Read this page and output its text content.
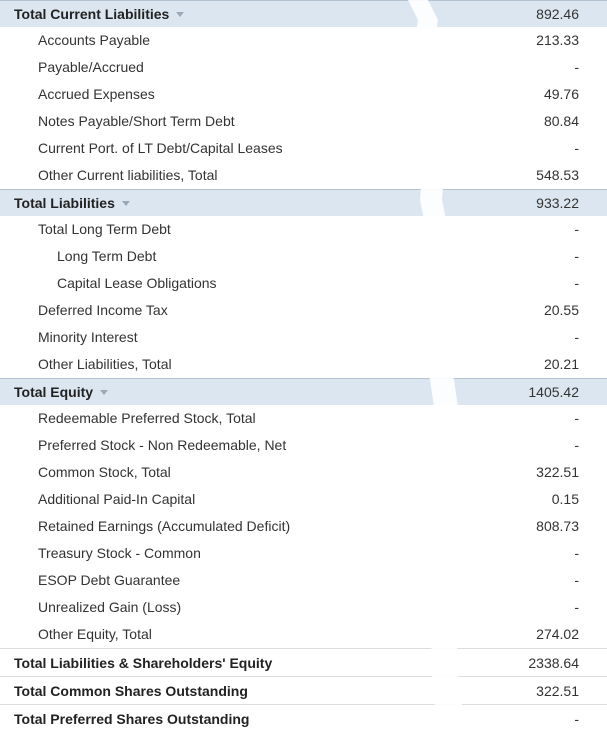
Total Current Liabilities	892.46
Accounts Payable	213.33
Payable/Accrued	-
Accrued Expenses	49.76
Notes Payable/Short Term Debt	80.84
Current Port. of LT Debt/Capital Leases	-
Other Current liabilities, Total	548.53
Total Liabilities	933.22
Total Long Term Debt	-
Long Term Debt	-
Capital Lease Obligations	-
Deferred Income Tax	20.55
Minority Interest	-
Other Liabilities, Total	20.21
Total Equity	1405.42
Redeemable Preferred Stock, Total	-
Preferred Stock - Non Redeemable, Net	-
Common Stock, Total	322.51
Additional Paid-In Capital	0.15
Retained Earnings (Accumulated Deficit)	808.73
Treasury Stock - Common	-
ESOP Debt Guarantee	-
Unrealized Gain (Loss)	-
Other Equity, Total	274.02
Total Liabilities & Shareholders' Equity	2338.64
Total Common Shares Outstanding	322.51
Total Preferred Shares Outstanding	-
